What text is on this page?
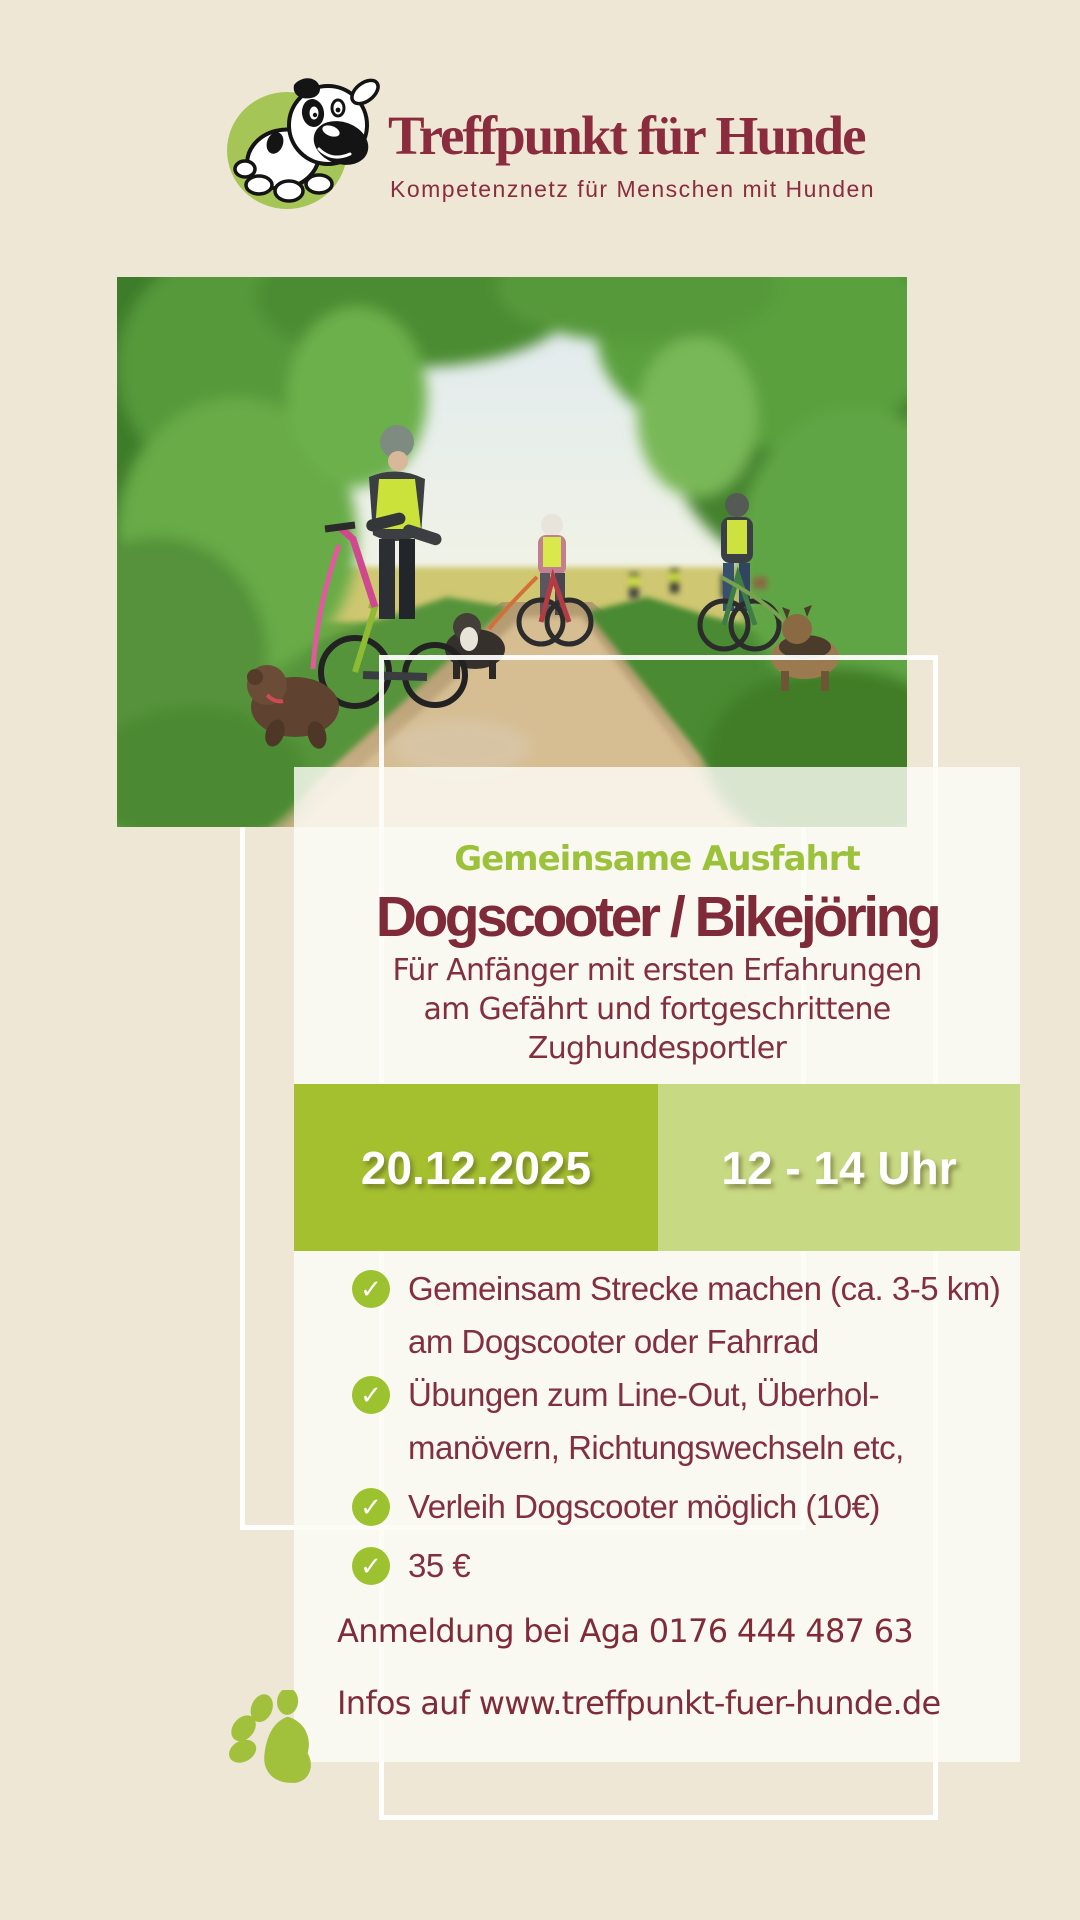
Treffpunkt für Hunde
Kompetenznetz für Menschen mit Hunden
Gemeinsame Ausfahrt
Dogscooter / Bikejöring
Für Anfänger mit ersten Erfahrungen
am Gefährt und fortgeschrittene
Zughundesportler
20.12.2025	12 - 14 Uhr
✓ Gemeinsam Strecke machen (ca. 3-5 km)
am Dogscooter oder Fahrrad
✓ Übungen zum Line-Out, Überhol-
manövern, Richtungswechseln etc,
✓ Verleih Dogscooter möglich (10€)
✓ 35 €
Anmeldung bei Aga 0176 444 487 63
Infos auf www.treffpunkt-fuer-hunde.de
